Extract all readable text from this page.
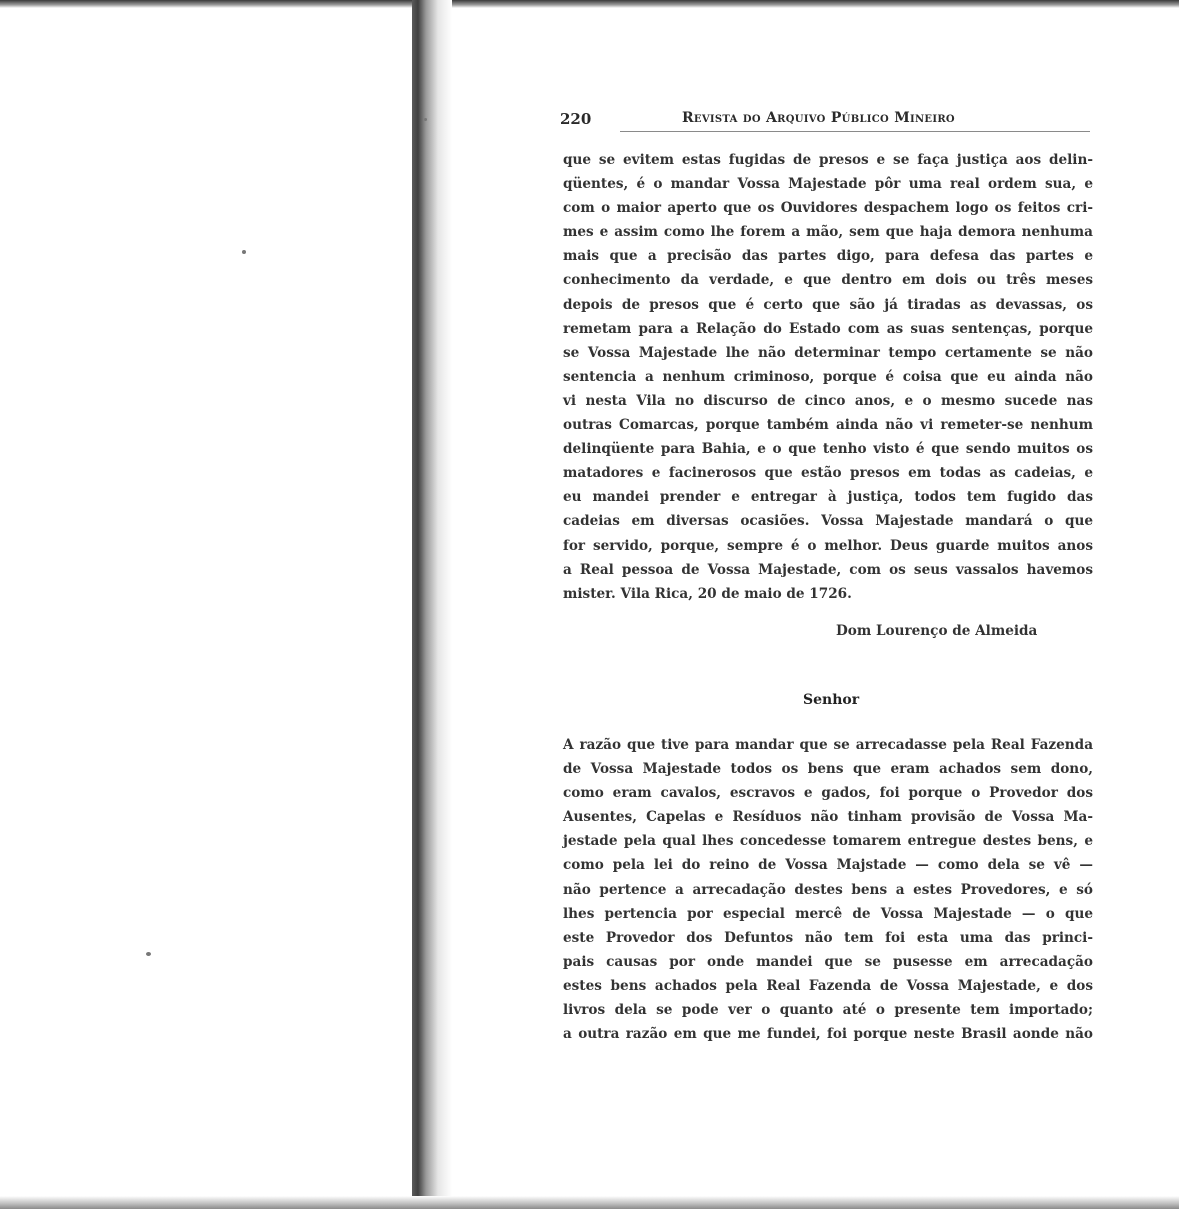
220	Revista do Arquivo Público Mineiro
que se evitem estas fugidas de presos e se faça justiça aos delin-
qüentes, é o mandar Vossa Majestade pôr uma real ordem sua, e
com o maior aperto que os Ouvidores despachem logo os feitos cri-
mes e assim como lhe forem a mão, sem que haja demora nenhuma
mais que a precisão das partes digo, para defesa das partes e
conhecimento da verdade, e que dentro em dois ou três meses
depois de presos que é certo que são já tiradas as devassas, os
remetam para a Relação do Estado com as suas sentenças, porque
se Vossa Majestade lhe não determinar tempo certamente se não
sentencia a nenhum criminoso, porque é coisa que eu ainda não
vi nesta Vila no discurso de cinco anos, e o mesmo sucede nas
outras Comarcas, porque também ainda não vi remeter-se nenhum
delinqüente para Bahia, e o que tenho visto é que sendo muitos os
matadores e facinerosos que estão presos em todas as cadeias, e
eu mandei prender e entregar à justiça, todos tem fugido das
cadeias em diversas ocasiões. Vossa Majestade mandará o que
for servido, porque, sempre é o melhor. Deus guarde muitos anos
a Real pessoa de Vossa Majestade, com os seus vassalos havemos
mister. Vila Rica, 20 de maio de 1726.
Dom Lourenço de Almeida
Senhor
A razão que tive para mandar que se arrecadasse pela Real Fazenda
de Vossa Majestade todos os bens que eram achados sem dono,
como eram cavalos, escravos e gados, foi porque o Provedor dos
Ausentes, Capelas e Resíduos não tinham provisão de Vossa Ma-
jestade pela qual lhes concedesse tomarem entregue destes bens, e
como pela lei do reino de Vossa Majstade — como dela se vê —
não pertence a arrecadação destes bens a estes Provedores, e só
lhes pertencia por especial mercê de Vossa Majestade — o que
este Provedor dos Defuntos não tem foi esta uma das princi-
pais causas por onde mandei que se pusesse em arrecadação
estes bens achados pela Real Fazenda de Vossa Majestade, e dos
livros dela se pode ver o quanto até o presente tem importado;
a outra razão em que me fundei, foi porque neste Brasil aonde não
